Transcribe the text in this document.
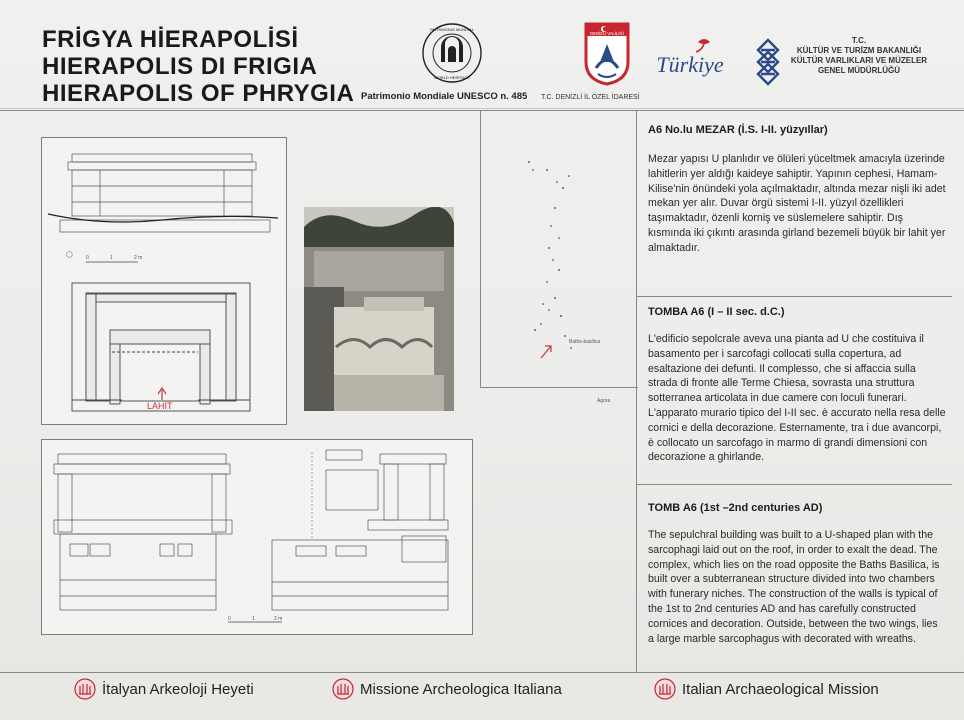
FRİGYA HİERAPOLİSİ
HIERAPOLIS DI FRIGIA
HIERAPOLIS OF PHRYGIA
PATRIMONIO MUNDIAL
WORLD HERITAGE
Patrimonio Mondiale UNESCO n. 485
DENİZLİ VALİLİĞİ
T.C. DENİZLİ İL ÖZEL İDARESİ
Türkiye
T.C.
KÜLTÜR VE TURİZM BAKANLIĞI
KÜLTÜR VARLIKLARI VE MÜZELER
GENEL MÜDÜRLÜĞÜ
◯	0	1	2 m
LAHİT
Baths-basilica
Agora
0	1	2 m
A6 No.lu MEZAR (İ.S. I-II. yüzyıllar)
Mezar yapısı U planlıdır ve ölüleri yüceltmek amacıyla üzerinde lahitlerin yer aldığı kaideye sahiptir. Yapının cephesi, Hamam-Kilise'nin önündeki yola açılmaktadır, altında mezar nişli iki adet mekan yer alır. Duvar örgü sistemi I-II. yüzyıl özellikleri taşımaktadır, özenli korniş ve süslemelere sahiptir. Dış kısmında iki çıkıntı arasında girland bezemeli büyük bir lahit yer almaktadır.
TOMBA A6 (I – II sec. d.C.)
L'edificio sepolcrale aveva una pianta ad U che costituiva il basamento per i sarcofagi collocati sulla copertura, ad esaltazione dei defunti. Il complesso, che si affaccia sulla strada di fronte alle Terme Chiesa, sovrasta una struttura sotterranea articolata in due camere con loculi funerari. L'apparato murario tipico del I-II sec. è accurato nella resa delle cornici e della decorazione. Esternamente, tra i due avancorpi, è collocato un sarcofago in marmo di grandi dimensioni con decorazione a ghirlande.
TOMB A6 (1st –2nd centuries AD)
The sepulchral building was built to a U-shaped plan with the sarcophagi laid out on the roof, in order to exalt the dead. The complex, which lies on the road opposite the Baths Basilica, is built over a subterranean structure divided into two chambers with funerary niches. The construction of the walls is typical of the 1st to 2nd centuries AD and has carefully constructed cornices and decoration. Outside, between the two wings, lies a large marble sarcophagus with decorated with wreaths.
İtalyan Arkeoloji Heyeti	Missione Archeologica Italiana	Italian Archaeological Mission
